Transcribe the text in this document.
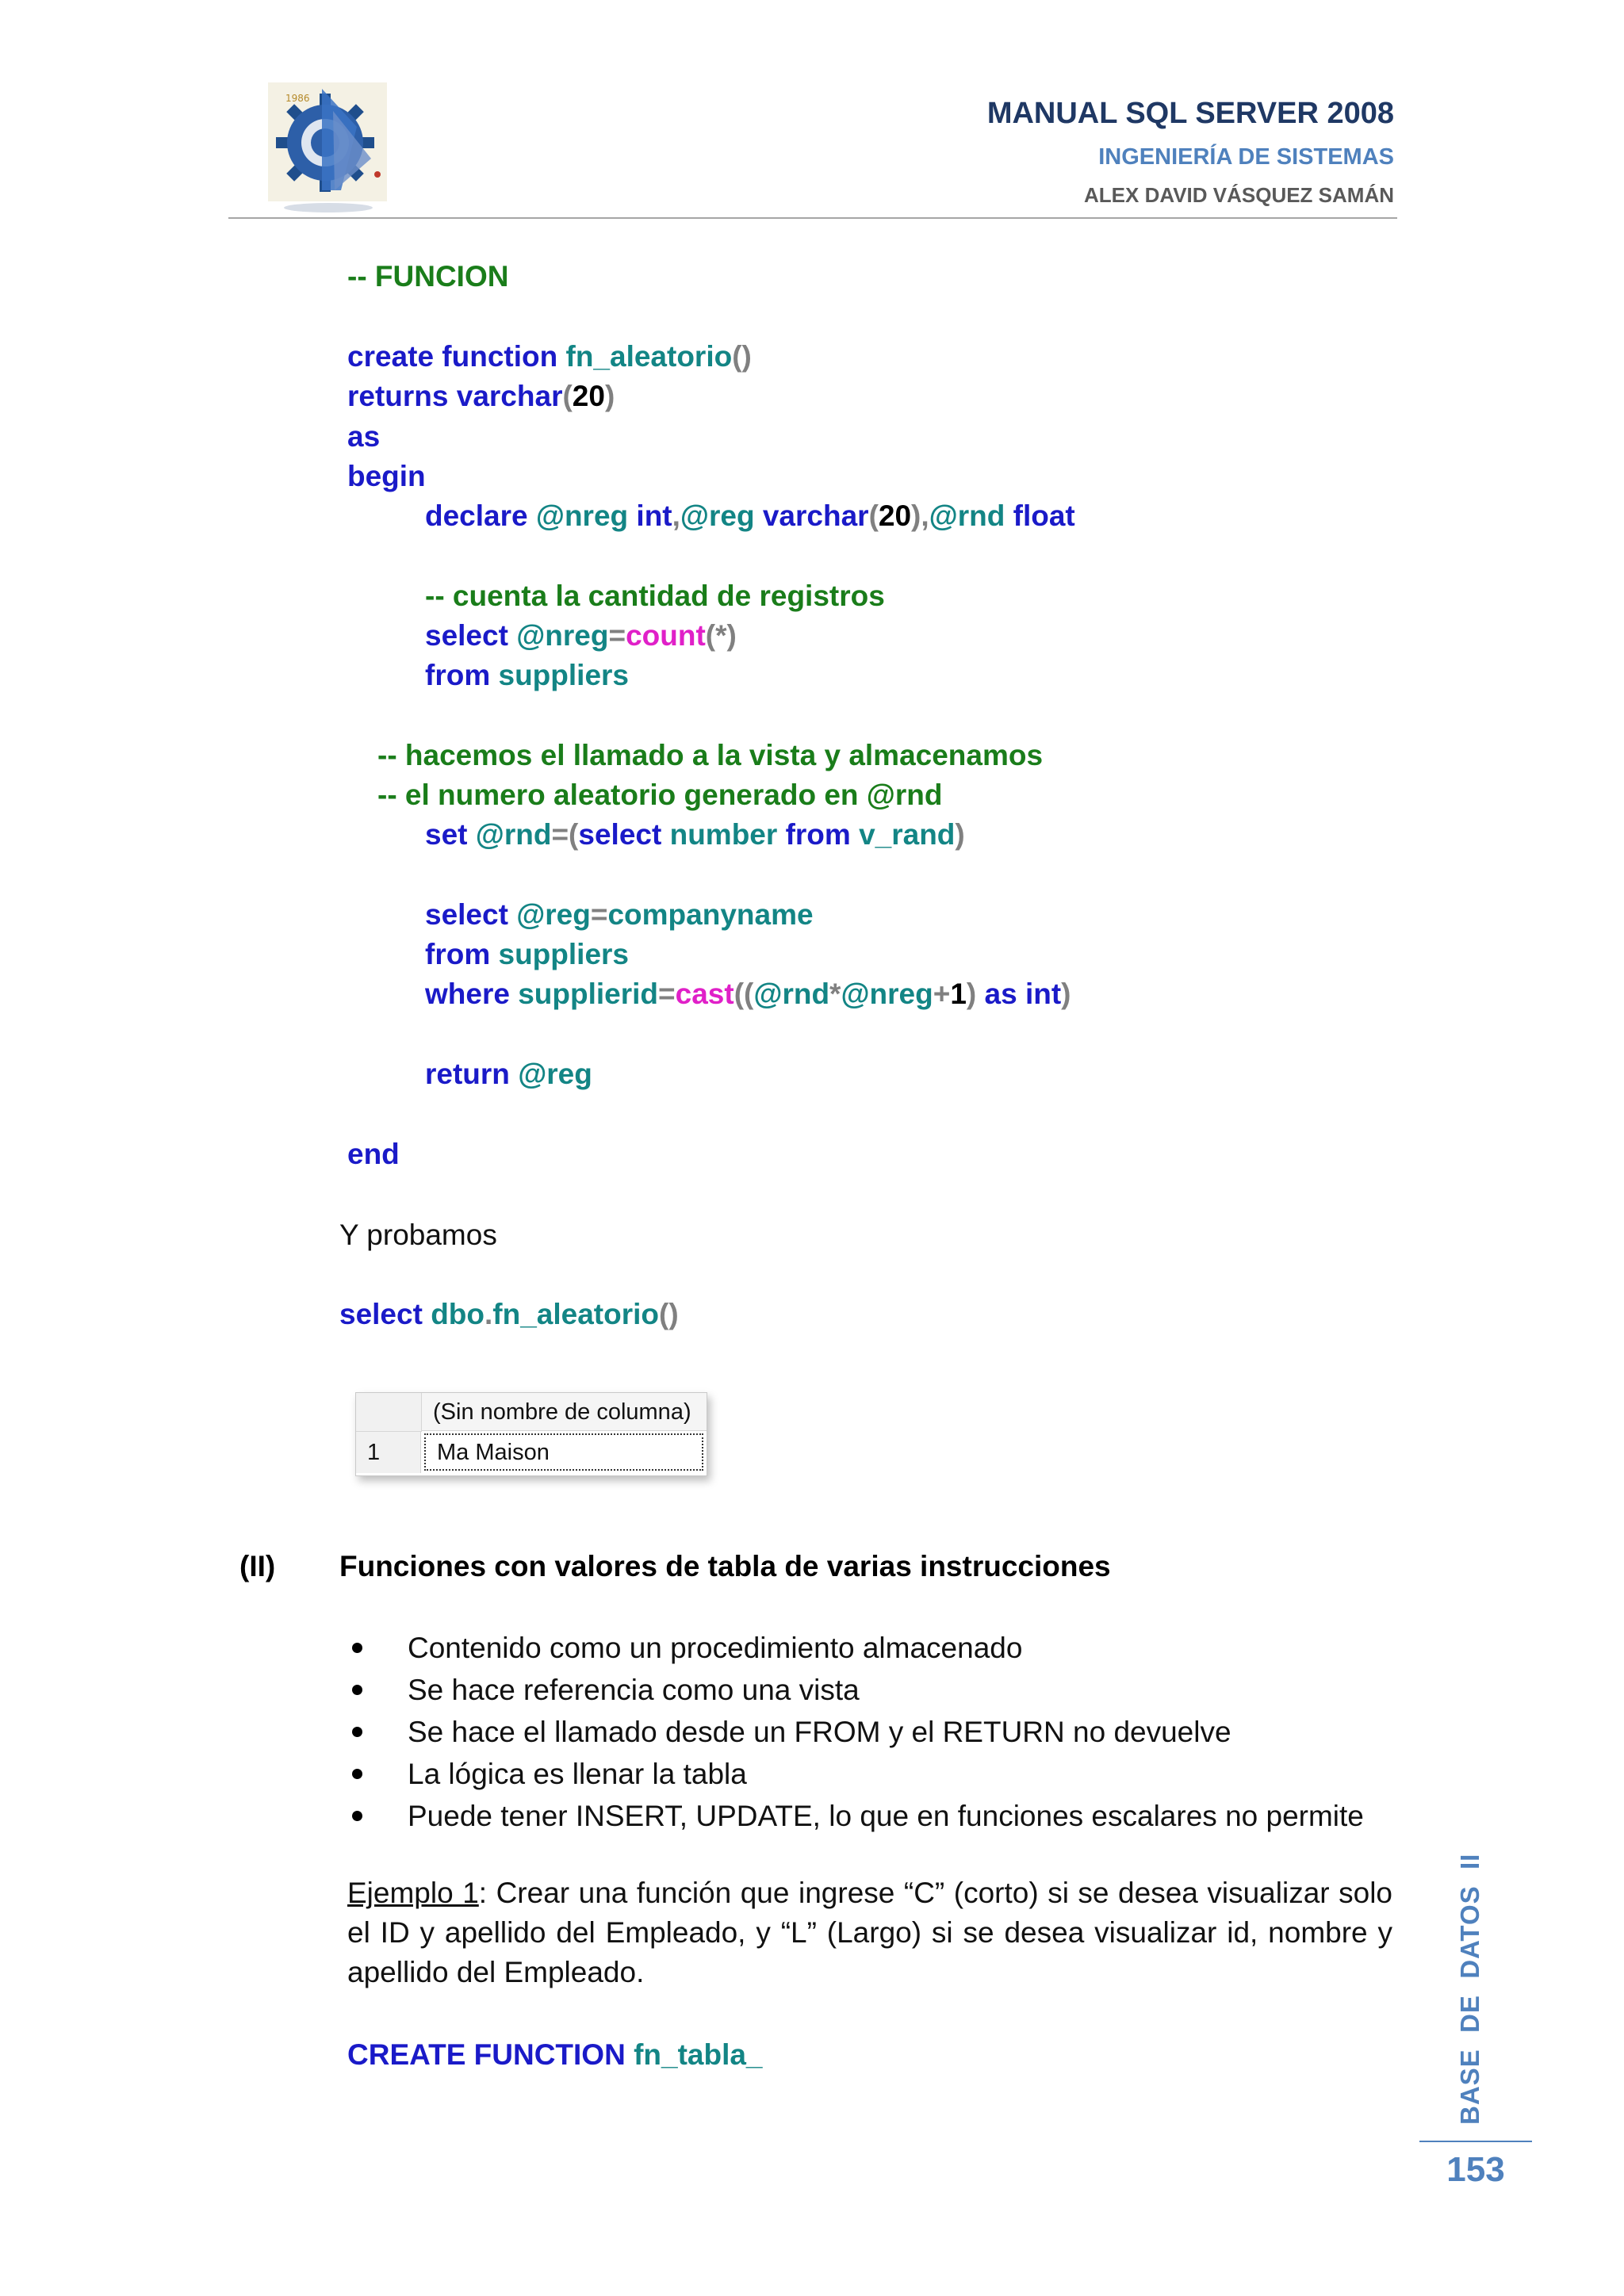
1986	MANUAL SQL SERVER 2008
INGENIERÍA DE SISTEMAS
ALEX DAVID VÁSQUEZ SAMÁN
-- FUNCION
create function fn_aleatorio()
returns varchar(20)
as
begin
declare @nreg int,@reg varchar(20),@rnd float
-- cuenta la cantidad de registros
select @nreg=count(*)
from suppliers
-- hacemos el llamado a la vista y almacenamos
-- el numero aleatorio generado en @rnd
set @rnd=(select number from v_rand)
select @reg=companyname
from suppliers
where supplierid=cast((@rnd*@nreg+1) as int)
return @reg
end
Y probamos
select dbo.fn_aleatorio()
(Sin nombre de columna)
1	Ma Maison
(II) Funciones con valores de tabla de varias instrucciones
Contenido como un procedimiento almacenado
Se hace referencia como una vista
Se hace el llamado desde un FROM y el RETURN no devuelve
La lógica es llenar la tabla
Puede tener INSERT, UPDATE, lo que en funciones escalares no permite
Ejemplo 1: Crear una función que ingrese “C” (corto) si se desea visualizar solo el ID y apellido del Empleado, y “L” (Largo) si se desea visualizar id, nombre y apellido del Empleado.
CREATE FUNCTION fn_tabla_	BASE  DE  DATOS  II
153
